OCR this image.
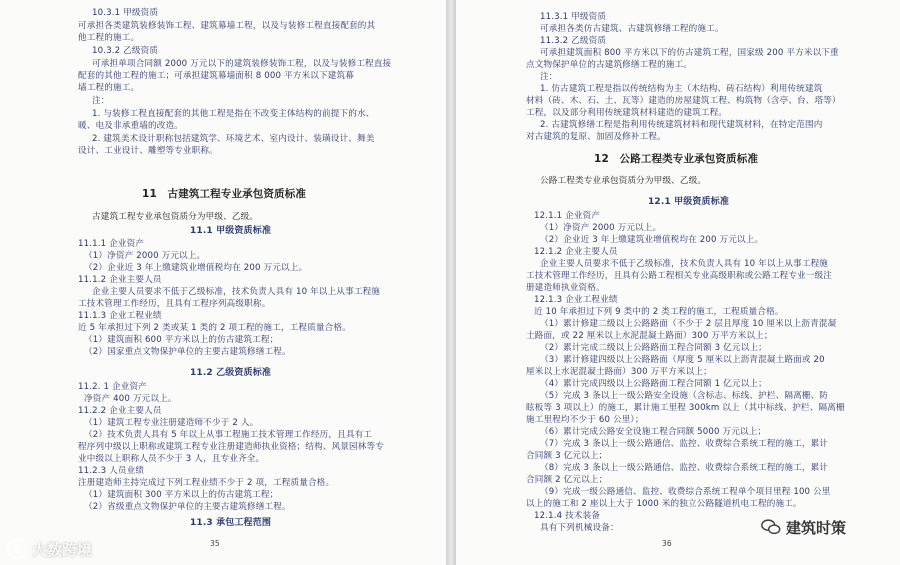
10.3.1 甲级资质
可承担各类建筑装修装饰工程、建筑幕墙工程，以及与装修工程直接配套的其
他工程的施工。
10.3.2 乙级资质
可承担单项合同额 2000 万元以下的建筑装修装饰工程，以及与装修工程直接
配套的其他工程的施工；可承担建筑幕墙面积 8 000 平方米以下建筑幕
墙工程的施工。
注：
1. 与装修工程直接配套的其他工程是指在不改变主体结构的前提下的水、
暖、电及非承重墙的改造。
2. 建筑美术设计职称包括建筑学、环境艺术、室内设计、装璜设计、舞美
设计、工业设计、雕塑等专业职称。
11　古建筑工程专业承包资质标准
古建筑工程专业承包资质分为甲级、乙级。
11.1 甲级资质标准
11.1.1 企业资产
（1）净资产 2000 万元以上。
（2）企业近 3 年上缴建筑业增值税均在 200 万元以上。
11.1.2 企业主要人员
企业主要人员要求不低于乙级标准，技术负责人具有 10 年以上从事工程施
工技术管理工作经历，且具有工程序列高级职称。
11.1.3 企业工程业绩
近 5 年承担过下列 2 类或某 1 类的 2 项工程的施工，工程质量合格。
（1）建筑面积 600 平方米以上的仿古建筑工程；
（2）国家重点文物保护单位的主要古建筑修缮工程。
11.2 乙级资质标准
11.2. 1 企业资产
净资产 400 万元以上。
11.2.2 企业主要人员
（1）建筑工程专业注册建造师不少于 2 人。
（2）技术负责人具有 5 年以上从事工程施工技术管理工作经历，且具有工
程序列中级以上职称或建筑工程专业注册建造师执业资格；结构、风景园林等专
业中级以上职称人员不少于 3 人，且专业齐全。
11.2.3 人员业绩
注册建造师主持完成过下列工程业绩不少于 2 项，工程质量合格。
（1）建筑面积 300 平方米以上的仿古建筑工程；
（2）省级重点文物保护单位的主要古建筑修缮工程。
11.3 承包工程范围
35
11.3.1 甲级资质
可承担各类仿古建筑、古建筑修缮工程的施工。
11.3.2 乙级资质
可承担建筑面积 800 平方米以下的仿古建筑工程，国家级 200 平方米以下重
点文物保护单位的古建筑修缮工程的施工。
注：
1. 仿古建筑工程是指以传统结构为主（木结构、砖石结构）利用传统建筑
材料（砖、木、石、土、瓦等）建造的房屋建筑工程、构筑物（含亭、台、塔等）
工程，以及部分利用传统建筑材料建造的建筑工程。
2. 古建筑修缮工程是指利用传统建筑材料和现代建筑材料，在特定范围内
对古建筑的复原、加固及修补工程。
12　公路工程类专业承包资质标准
公路工程类专业承包资质分为甲级、乙级。
12.1 甲级资质标准
12.1.1 企业资产
（1）净资产 2000 万元以上。
（2）企业近 3 年上缴建筑业增值税均在 200 万元以上。
12.1.2 企业主要人员
企业主要人员要求不低于乙级标准，技术负责人具有 10 年以上从事工程施
工技术管理工作经历，且具有公路工程相关专业高级职称或公路工程专业一级注
册建造师执业资格。
12.1.3 企业工程业绩
近 10 年承担过下列 9 类中的 2 类工程的施工，工程质量合格。
（1）累计修建二级以上公路路面（不少于 2 层且厚度 10 厘米以上沥青混凝
土路面，或 22 厘米以上水泥混凝土路面）300 万平方米以上；
（2）累计完成二级以上公路路面工程合同额 3 亿元以上；
（3）累计修建四级以上公路路面（厚度 5 厘米以上沥青混凝土路面或 20
厘米以上水泥混凝土路面）300 万平方米以上；
（4）累计完成四级以上公路路面工程合同额 1 亿元以上；
（5）完成 3 条以上一级公路安全设施（含标志、标线、护栏、隔离栅、防
眩板等 3 项以上）的施工，累计施工里程 300km 以上（其中标线、护栏、隔离栅
施工里程均不少于 60 公里）；
（6）累计完成公路安全设施工程合同额 5000 万元以上；
（7）完成 3 条以上一级公路通信、监控、收费综合系统工程的施工，累计
合同额 3 亿元以上；
（8）完成 3 条以上一级公路通信、监控、收费综合系统工程的施工，累计
合同额 2 亿元以上；
（9）完成一级公路通信、监控、收费综合系统工程单个项目里程 100 公里
以上的施工和 2 座以上大于 1000 米的独立公路隧道机电工程的施工。
12.1.4 技术装备
具有下列机械设备：
36
大数跨境
建筑时策
